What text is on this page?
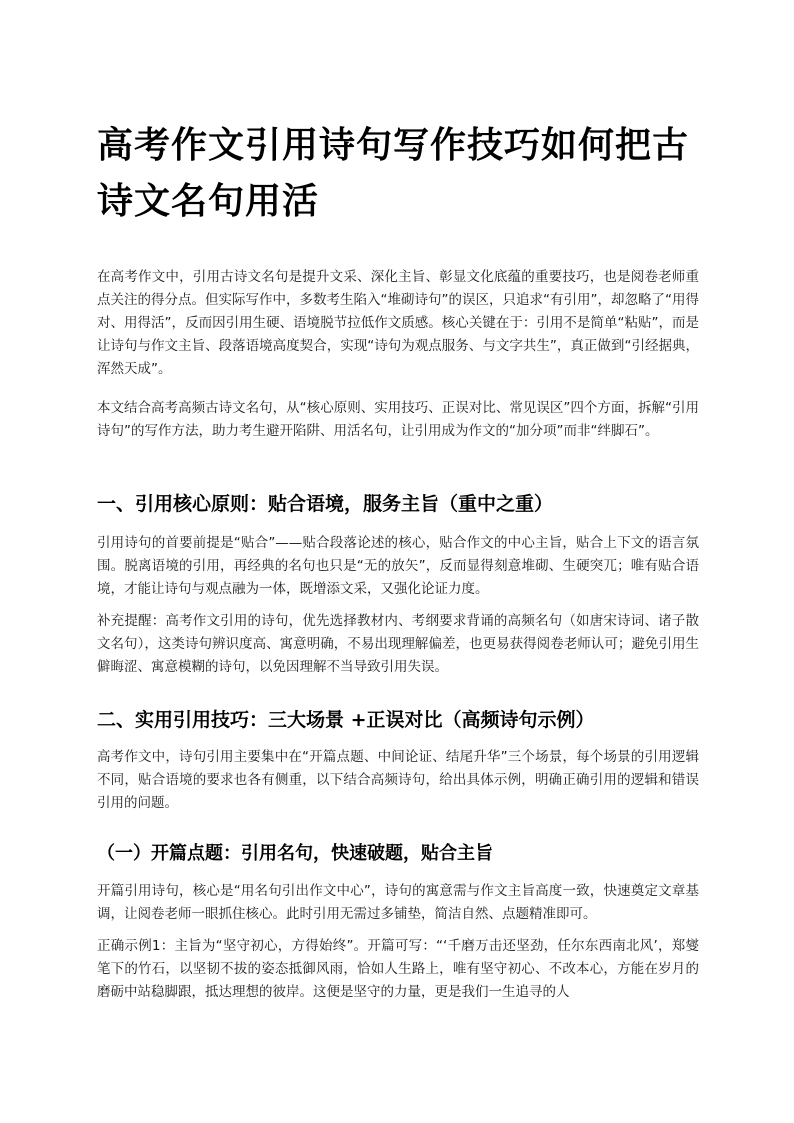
高考作文引用诗句写作技巧如何把古诗文名句用活

在高考作文中，引用古诗文名句是提升文采、深化主旨、彰显文化底蕴的重要技巧，也是阅卷老师重点关注的得分点。但实际写作中，多数考生陷入“堆砌诗句”的误区，只追求“有引用”，却忽略了“用得对、用得活”，反而因引用生硬、语境脱节拉低作文质感。核心关键在于：引用不是简单“粘贴”，而是让诗句与作文主旨、段落语境高度契合，实现“诗句为观点服务、与文字共生”，真正做到“引经据典，浑然天成”。

本文结合高考高频古诗文名句，从“核心原则、实用技巧、正误对比、常见误区”四个方面，拆解“引用诗句”的写作方法，助力考生避开陷阱、用活名句，让引用成为作文的“加分项”而非“绊脚石”。

一、引用核心原则：贴合语境，服务主旨（重中之重）

引用诗句的首要前提是“贴合”——贴合段落论述的核心，贴合作文的中心主旨，贴合上下文的语言氛围。脱离语境的引用，再经典的名句也只是“无的放矢”，反而显得刻意堆砌、生硬突兀；唯有贴合语境，才能让诗句与观点融为一体，既增添文采，又强化论证力度。

补充提醒：高考作文引用的诗句，优先选择教材内、考纲要求背诵的高频名句（如唐宋诗词、诸子散文名句），这类诗句辨识度高、寓意明确，不易出现理解偏差，也更易获得阅卷老师认可；避免引用生僻晦涩、寓意模糊的诗句，以免因理解不当导致引用失误。

二、实用引用技巧：三大场景 +正误对比（高频诗句示例）

高考作文中，诗句引用主要集中在“开篇点题、中间论证、结尾升华”三个场景，每个场景的引用逻辑不同，贴合语境的要求也各有侧重，以下结合高频诗句，给出具体示例，明确正确引用的逻辑和错误引用的问题。

（一）开篇点题：引用名句，快速破题，贴合主旨

开篇引用诗句，核心是“用名句引出作文中心”，诗句的寓意需与作文主旨高度一致，快速奠定文章基调，让阅卷老师一眼抓住核心。此时引用无需过多铺垫，简洁自然、点题精准即可。

正确示例1：主旨为“坚守初心，方得始终”。开篇可写：“‘千磨万击还坚劲，任尔东西南北风’，郑燮笔下的竹石，以坚韧不拔的姿态抵御风雨，恰如人生路上，唯有坚守初心、不改本心，方能在岁月的磨砺中站稳脚跟，抵达理想的彼岸。这便是坚守的力量，更是我们一生追寻的人
